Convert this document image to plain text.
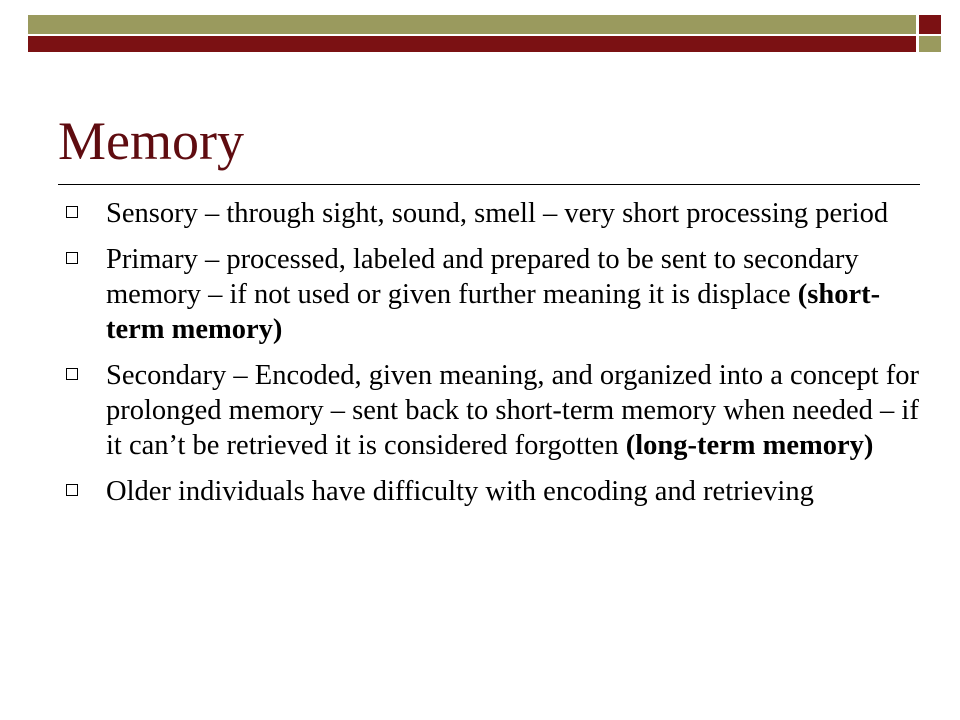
Memory
Sensory – through sight, sound, smell – very short processing period
Primary – processed, labeled and prepared to be sent to secondary memory – if not used or given further meaning it is displace (short-term memory)
Secondary – Encoded, given meaning, and organized into a concept for prolonged memory – sent back to short-term memory when needed – if it can’t be retrieved it is considered forgotten (long-term memory)
Older individuals have difficulty with encoding and retrieving
